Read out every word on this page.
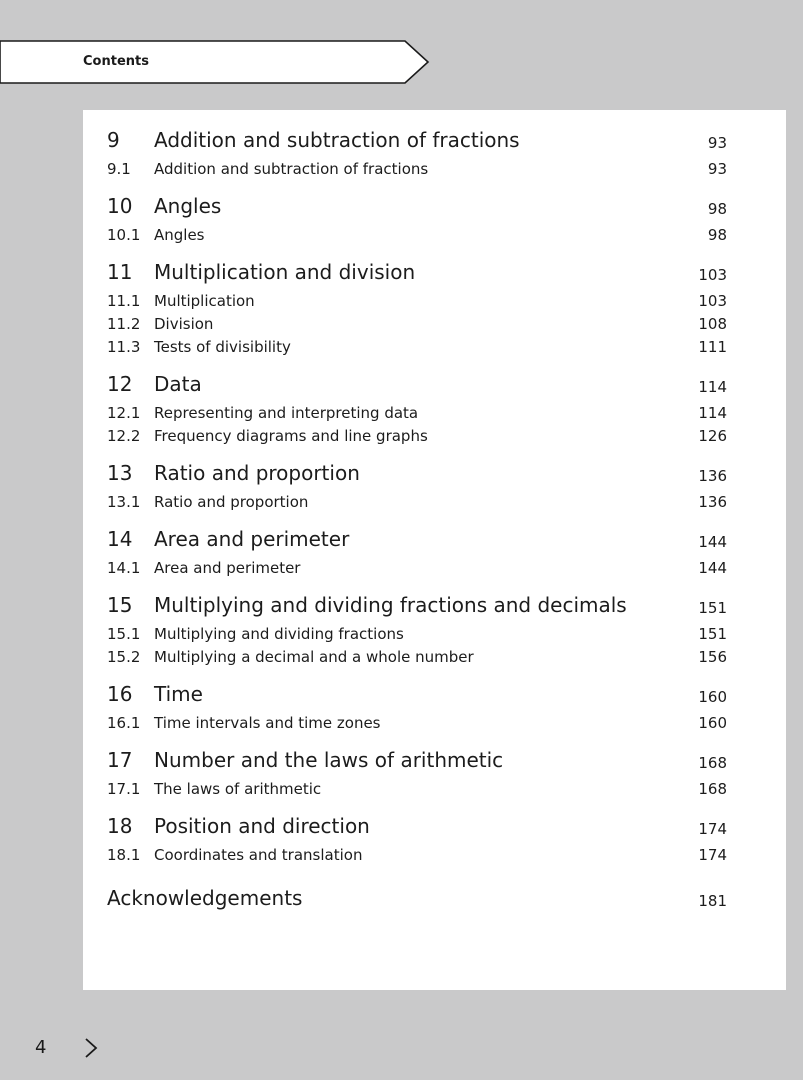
Contents
9 Addition and subtraction of fractions	93
9.1 Addition and subtraction of fractions	93
10 Angles	98
10.1 Angles	98
11 Multiplication and division	103
11.1 Multiplication	103
11.2 Division	108
11.3 Tests of divisibility	111
12 Data	114
12.1 Representing and interpreting data	114
12.2 Frequency diagrams and line graphs	126
13 Ratio and proportion	136
13.1 Ratio and proportion	136
14 Area and perimeter	144
14.1 Area and perimeter	144
15 Multiplying and dividing fractions and decimals	151
15.1 Multiplying and dividing fractions	151
15.2 Multiplying a decimal and a whole number	156
16 Time	160
16.1 Time intervals and time zones	160
17 Number and the laws of arithmetic	168
17.1 The laws of arithmetic	168
18 Position and direction	174
18.1 Coordinates and translation	174
Acknowledgements	181
4
